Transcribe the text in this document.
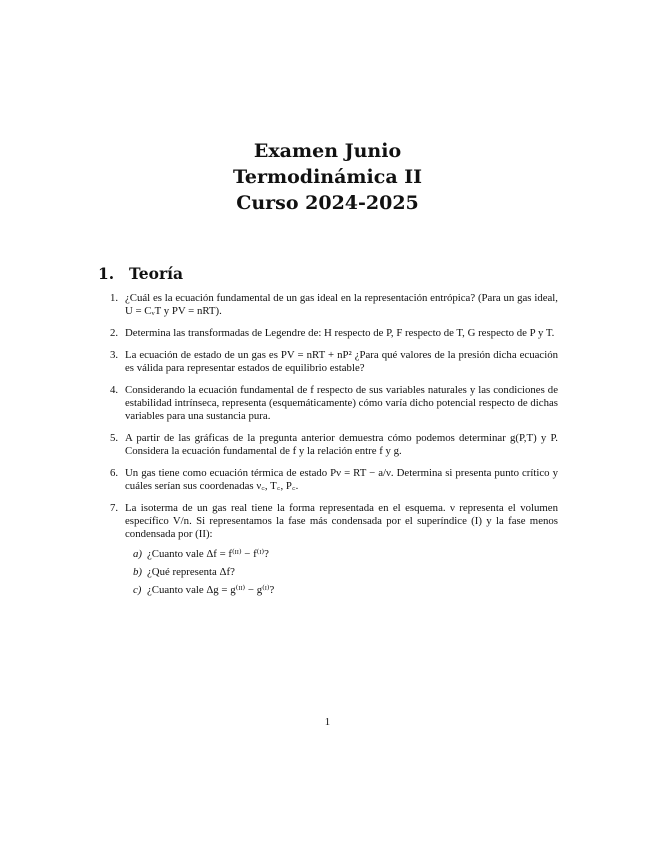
Examen Junio
Termodinámica II
Curso 2024-2025
1. Teoría
1. ¿Cuál es la ecuación fundamental de un gas ideal en la representación entrópica? (Para un gas ideal, U = CᵥT y PV = nRT).
2. Determina las transformadas de Legendre de: H respecto de P, F respecto de T, G respecto de P y T.
3. La ecuación de estado de un gas es PV = nRT + nP² ¿Para qué valores de la presión dicha ecuación es válida para representar estados de equilibrio estable?
4. Considerando la ecuación fundamental de f respecto de sus variables naturales y las condiciones de estabilidad intrínseca, representa (esquemáticamente) cómo varía dicho potencial respecto de dichas variables para una sustancia pura.
5. A partir de las gráficas de la pregunta anterior demuestra cómo podemos determinar g(P,T) y P. Considera la ecuación fundamental de f y la relación entre f y g.
6. Un gas tiene como ecuación térmica de estado Pν = RT − a/ν. Determina si presenta punto crítico y cuáles serían sus coordenadas ν꜀, T꜀, P꜀.
7. La isoterma de un gas real tiene la forma representada en el esquema. ν representa el volumen específico V/n. Si representamos la fase más condensada por el superíndice (I) y la fase menos condensada por (II):
a) ¿Cuanto vale Δf = f⁽ᴵᴵ⁾ − f⁽ᴵ⁾?
b) ¿Qué representa Δf?
c) ¿Cuanto vale Δg = g⁽ᴵᴵ⁾ − g⁽ᴵ⁾?
1
